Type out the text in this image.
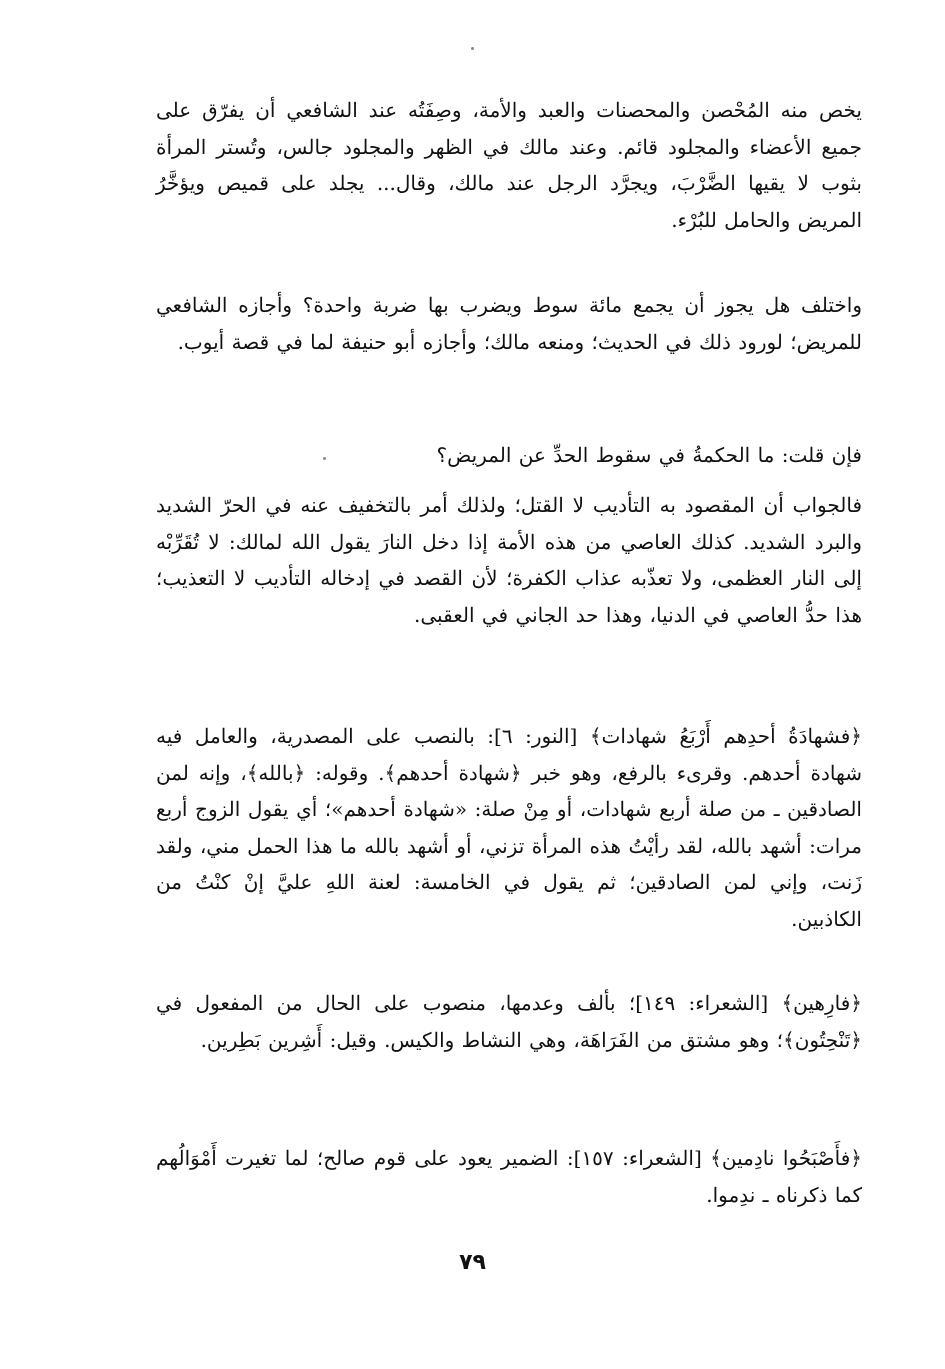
يخص منه المُحْصن والمحصنات والعبد والأمة، وصِفَتُه عند الشافعي أن يفرّق على جميع الأعضاء والمجلود قائم. وعند مالك في الظهر والمجلود جالس، وتُستر المرأة بثوب لا يقيها الضَّرْبَ، ويجرَّد الرجل عند مالك، وقال... يجلد على قميص ويؤخَّرُ المريض والحامل للبُرْء.

واختلف هل يجوز أن يجمع مائة سوط ويضرب بها ضربة واحدة؟ وأجازه الشافعي للمريض؛ لورود ذلك في الحديث؛ ومنعه مالك؛ وأجازه أبو حنيفة لما في قصة أيوب.

فإن قلت: ما الحكمةُ في سقوط الحدِّ عن المريض؟

فالجواب أن المقصود به التأديب لا القتل؛ ولذلك أمر بالتخفيف عنه في الحرّ الشديد والبرد الشديد. كذلك العاصي من هذه الأمة إذا دخل النارَ يقول الله لمالك: لا تُقَرِّبْه إلى النار العظمى، ولا تعذّبه عذاب الكفرة؛ لأن القصد في إدخاله التأديب لا التعذيب؛ هذا حدُّ العاصي في الدنيا، وهذا حد الجاني في العقبى.

﴿فشهادَةُ أحدِهم أَرْبَعُ شهادات﴾ [النور: ٦]: بالنصب على المصدرية، والعامل فيه شهادة أحدهم. وقرىء بالرفع، وهو خبر ﴿شهادة أحدهم﴾. وقوله: ﴿بالله﴾، وإنه لمن الصادقين ـ من صلة أربع شهادات، أو مِنْ صلة: «شهادة أحدهم»؛ أي يقول الزوج أربع مرات: أشهد بالله، لقد رأيْتُ هذه المرأة تزني، أو أشهد بالله ما هذا الحمل مني، ولقد زَنت، وإني لمن الصادقين؛ ثم يقول في الخامسة: لعنة اللهِ عليَّ إنْ كنْتُ من الكاذبين.

﴿فارِهين﴾ [الشعراء: ١٤٩]؛ بألف وعدمها، منصوب على الحال من المفعول في ﴿تَنْحِتُون﴾؛ وهو مشتق من الفَرَاهَة، وهي النشاط والكيس. وقيل: أَشِرين بَطِرين.

﴿فأَصْبَحُوا نادِمين﴾ [الشعراء: ١٥٧]: الضمير يعود على قوم صالح؛ لما تغيرت أَمْوَالُهم كما ذكرناه ـ ندِموا.

٧٩
